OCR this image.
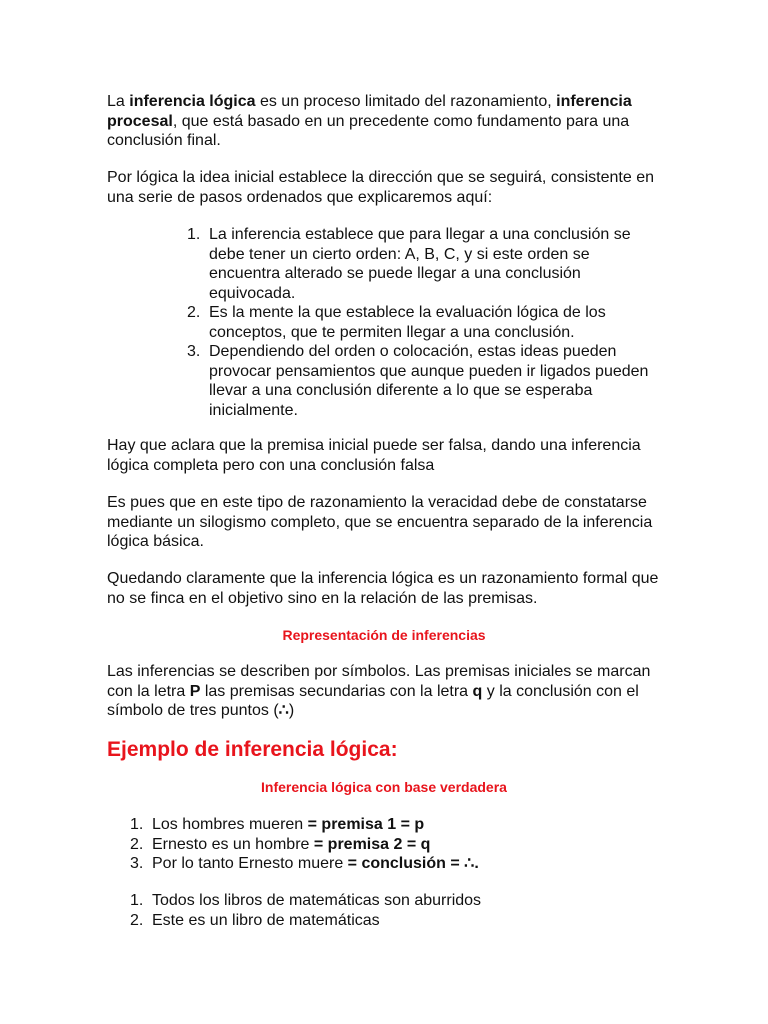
La inferencia lógica es un proceso limitado del razonamiento, inferencia procesal, que está basado en un precedente como fundamento para una conclusión final.

Por lógica la idea inicial establece la dirección que se seguirá, consistente en una serie de pasos ordenados que explicaremos aquí:

1. La inferencia establece que para llegar a una conclusión se debe tener un cierto orden: A, B, C, y si este orden se encuentra alterado se puede llegar a una conclusión equivocada.
2. Es la mente la que establece la evaluación lógica de los conceptos, que te permiten llegar a una conclusión.
3. Dependiendo del orden o colocación, estas ideas pueden provocar pensamientos que aunque pueden ir ligados pueden llevar a una conclusión diferente a lo que se esperaba inicialmente.

Hay que aclara que la premisa inicial puede ser falsa, dando una inferencia lógica completa pero con una conclusión falsa

Es pues que en este tipo de razonamiento la veracidad debe de constatarse mediante un silogismo completo, que se encuentra separado de la inferencia lógica básica.

Quedando claramente que la inferencia lógica es un razonamiento formal que no se finca en el objetivo sino en la relación de las premisas.

Representación de inferencias

Las inferencias se describen por símbolos. Las premisas iniciales se marcan con la letra P las premisas secundarias con la letra q y la conclusión con el símbolo de tres puntos (∴)

Ejemplo de inferencia lógica:
Inferencia lógica con base verdadera
1. Los hombres mueren = premisa 1 = p
2. Ernesto es un hombre = premisa 2 = q
3. Por lo tanto Ernesto muere = conclusión = ∴.
1. Todos los libros de matemáticas son aburridos
2. Este es un libro de matemáticas
